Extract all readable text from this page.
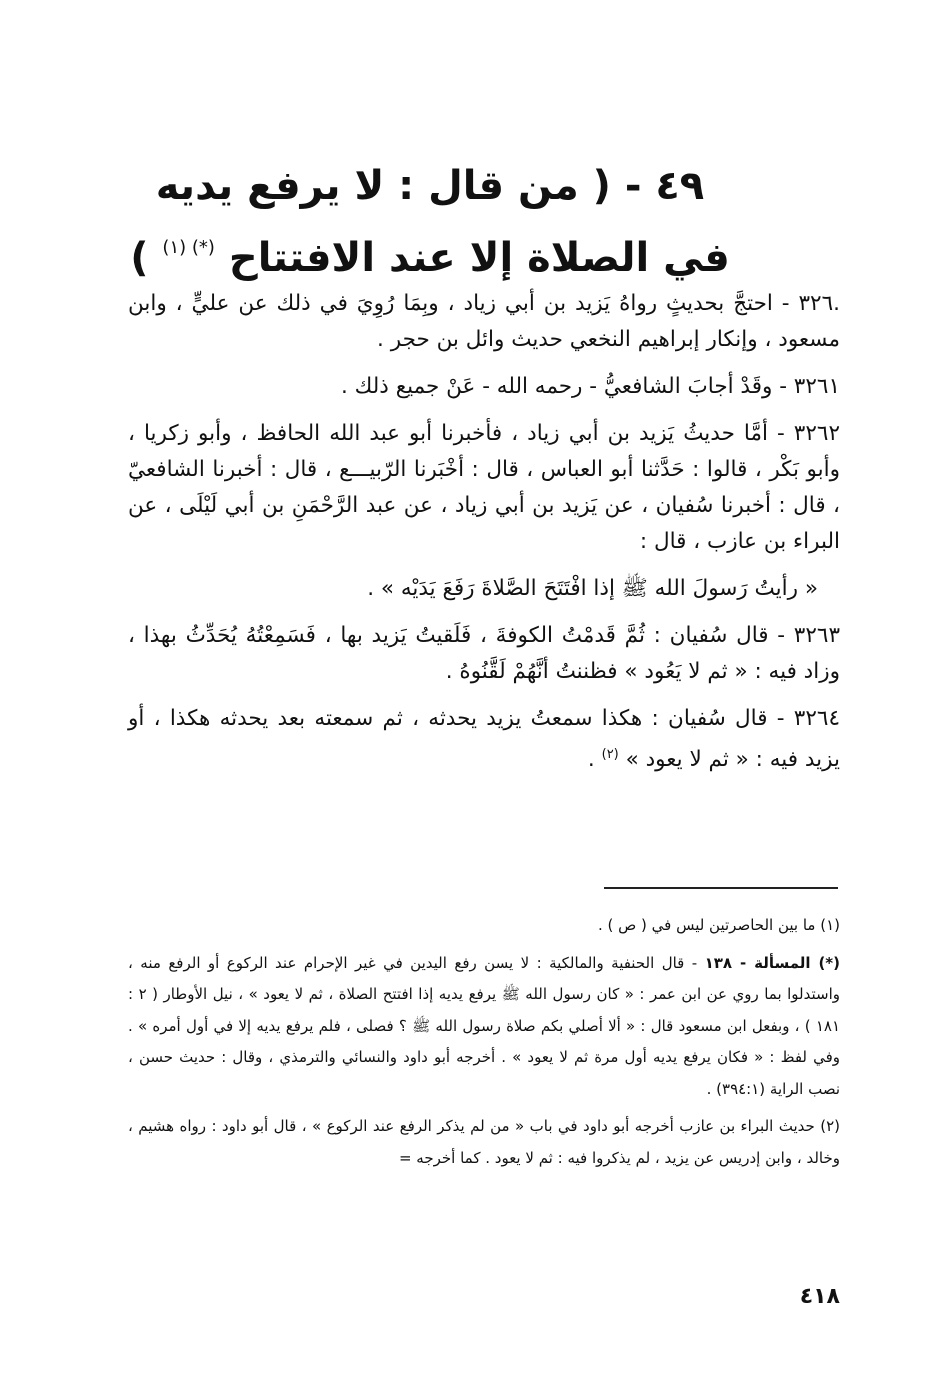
٤٩ - ( من قال : لا يرفع يديه
في الصلاة إلا عند الافتتاح $^{(*) (١)}$ )

.٣٢٦ - احتجَّ بحديثٍ رواهُ يَزيد بن أبي زياد ، وبِمَا رُوِيَ في ذلك عن عليٍّ ، وابن مسعود ، وإنكار إبراهيم النخعي حديث وائل بن حجر .

٣٢٦١ - وقَدْ أجابَ الشافعيُّ - رحمه الله - عَنْ جميع ذلك .

٣٢٦٢ - أمَّا حديثُ يَزيد بن أبي زياد ، فأخبرنا أبو عبد الله الحافظ ، وأبو زكريا ، وأبو بَكْر ، قالوا : حَدَّثنا أبو العباس ، قال : أخْبَرنا الرّبيـــع ، قال : أخبرنا الشافعيّ ، قال : أخبرنا سُفيان ، عن يَزيد بن أبي زياد ، عن عبد الرَّحْمَنِ بن أبي لَيْلَى ، عن البراء بن عازب ، قال :

« رأيتُ رَسولَ الله ﷺ إذا افْتَتَحَ الصَّلاةَ رَفَعَ يَدَيْه » .

٣٢٦٣ - قال سُفيان : ثُمَّ قَدمْتُ الكوفةَ ، فَلَقيتُ يَزيد بها ، فَسَمِعْتُهُ يُحَدِّثُ بهذا ، وزاد فيه : « ثم لا يَعُود » فظننتُ أنَّهُمْ لَقَّنُوهُ .

٣٢٦٤ - قال سُفيان : هكذا سمعتُ يزيد يحدثه ، ثم سمعته بعد يحدثه هكذا ، أو يزيد فيه : « ثم لا يعود » $^{(٢)}$ .

(١) ما بين الحاصرتين ليس في ( ص ) .

(*) المسألة - ١٣٨ - قال الحنفية والمالكية : لا يسن رفع اليدين في غير الإحرام عند الركوع أو الرفع منه ، واستدلوا بما روي عن ابن عمر : « كان رسول الله ﷺ يرفع يديه إذا افتتح الصلاة ، ثم لا يعود » ، نيل الأوطار ( ٢ : ١٨١ ) ، وبفعل ابن مسعود قال : « ألا أصلي بكم صلاة رسول الله ﷺ ؟ فصلى ، فلم يرفع يديه إلا في أول أمره » . وفي لفظ : « فكان يرفع يديه أول مرة ثم لا يعود » . أخرجه أبو داود والنسائي والترمذي ، وقال : حديث حسن ، نصب الراية (٣٩٤:١) .

(٢) حديث البراء بن عازب أخرجه أبو داود في باب « من لم يذكر الرفع عند الركوع » ، قال أبو داود : رواه هشيم ، وخالد ، وابن إدريس عن يزيد ، لم يذكروا فيه : ثم لا يعود . كما أخرجه =

٤١٨
